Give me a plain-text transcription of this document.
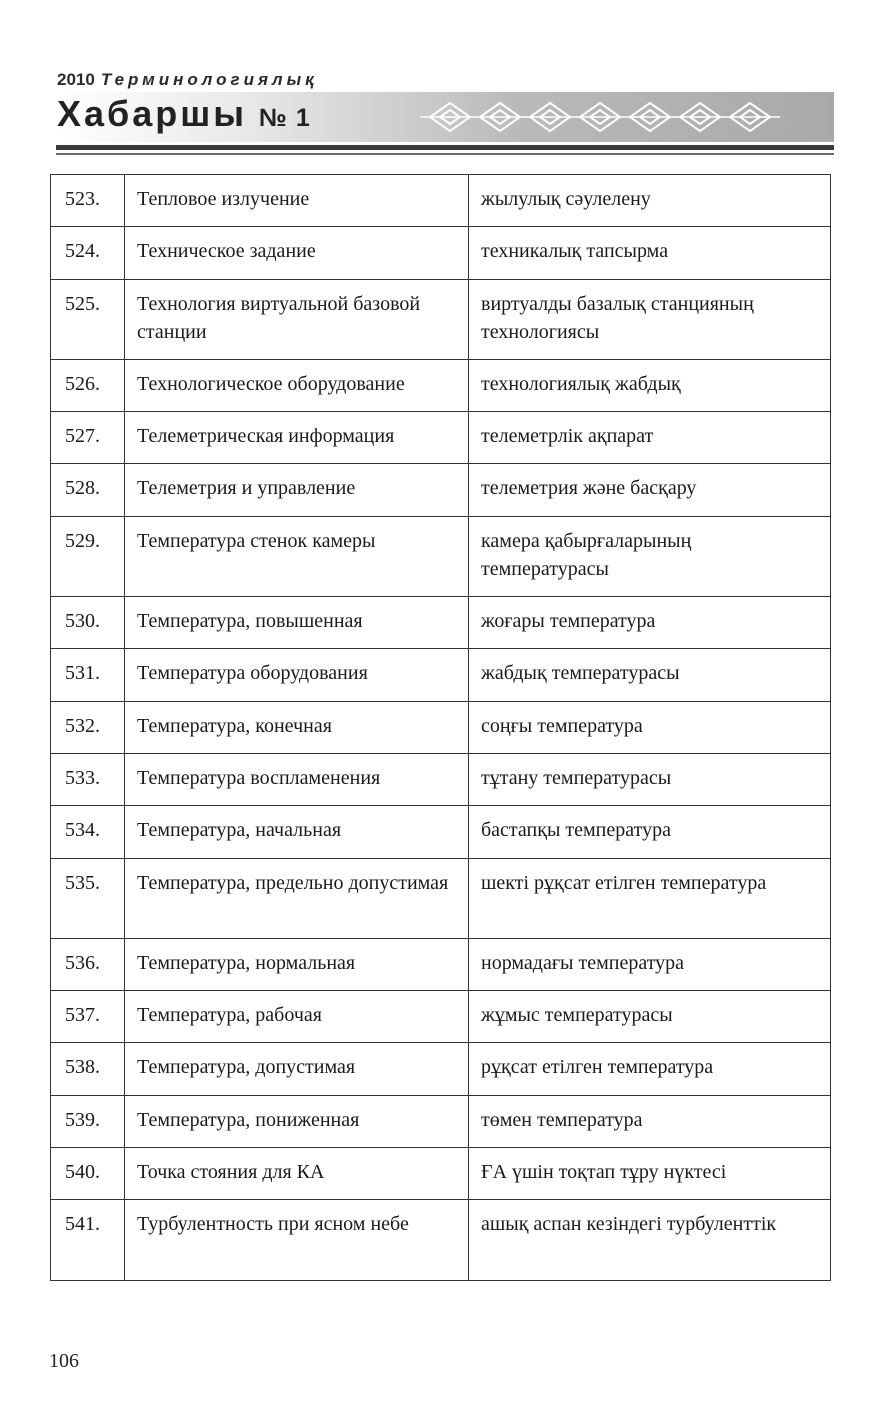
2010 Терминологиялық
Хабаршы № 1
523.	Тепловое излучение	жылулық сәулелену
524.	Техническое задание	техникалық тапсырма
525.	Технология виртуальной базовой станции	виртуалды базалық станцияның технологиясы
526.	Технологическое оборудование	технологиялық жабдық
527.	Телеметрическая информация	телеметрлік ақпарат
528.	Телеметрия и управление	телеметрия және басқару
529.	Температура стенок камеры	камера қабырғаларының температурасы
530.	Температура, повышенная	жоғары температура
531.	Температура оборудования	жабдық температурасы
532.	Температура, конечная	соңғы температура
533.	Температура воспламенения	тұтану температурасы
534.	Температура, начальная	бастапқы температура
535.	Температура, предельно допустимая	шекті рұқсат етілген температура
536.	Температура, нормальная	нормадағы температура
537.	Температура, рабочая	жұмыс температурасы
538.	Температура, допустимая	рұқсат етілген температура
539.	Температура, пониженная	төмен температура
540.	Точка стояния для КА	ҒА үшін тоқтап тұру нүктесі
541.	Турбулентность при ясном небе	ашық аспан кезіндегі турбуленттік
106
